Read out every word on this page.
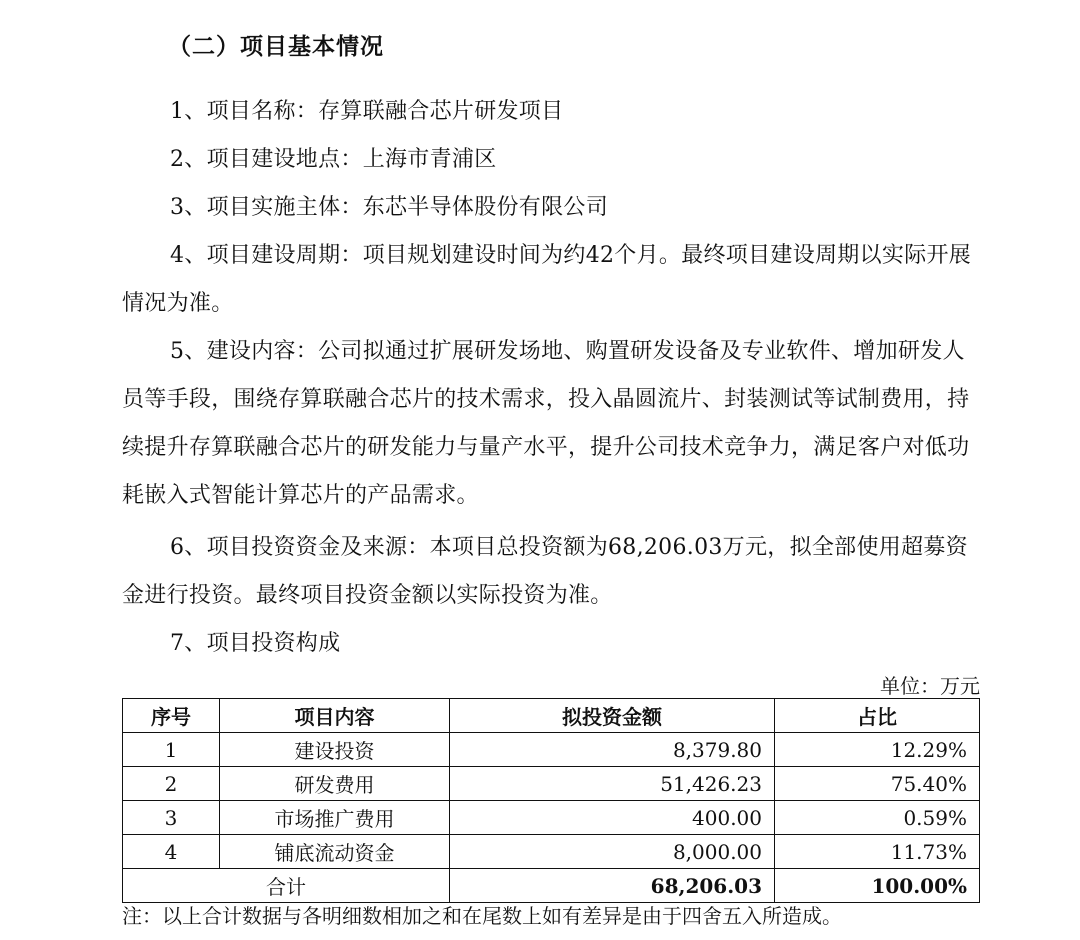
（二）项目基本情况
1、项目名称：存算联融合芯片研发项目
2、项目建设地点：上海市青浦区
3、项目实施主体：东芯半导体股份有限公司
4、项目建设周期：项目规划建设时间为约42个月。最终项目建设周期以实际开展情况为准。
5、建设内容：公司拟通过扩展研发场地、购置研发设备及专业软件、增加研发人员等手段，围绕存算联融合芯片的技术需求，投入晶圆流片、封装测试等试制费用，持续提升存算联融合芯片的研发能力与量产水平，提升公司技术竞争力，满足客户对低功耗嵌入式智能计算芯片的产品需求。
6、项目投资资金及来源：本项目总投资额为68,206.03万元，拟全部使用超募资金进行投资。最终项目投资金额以实际投资为准。
7、项目投资构成
单位：万元
序号	项目内容	拟投资金额	占比
1	建设投资	8,379.80	12.29%
2	研发费用	51,426.23	75.40%
3	市场推广费用	400.00	0.59%
4	铺底流动资金	8,000.00	11.73%
合计		68,206.03	100.00%
注：以上合计数据与各明细数相加之和在尾数上如有差异是由于四舍五入所造成。
